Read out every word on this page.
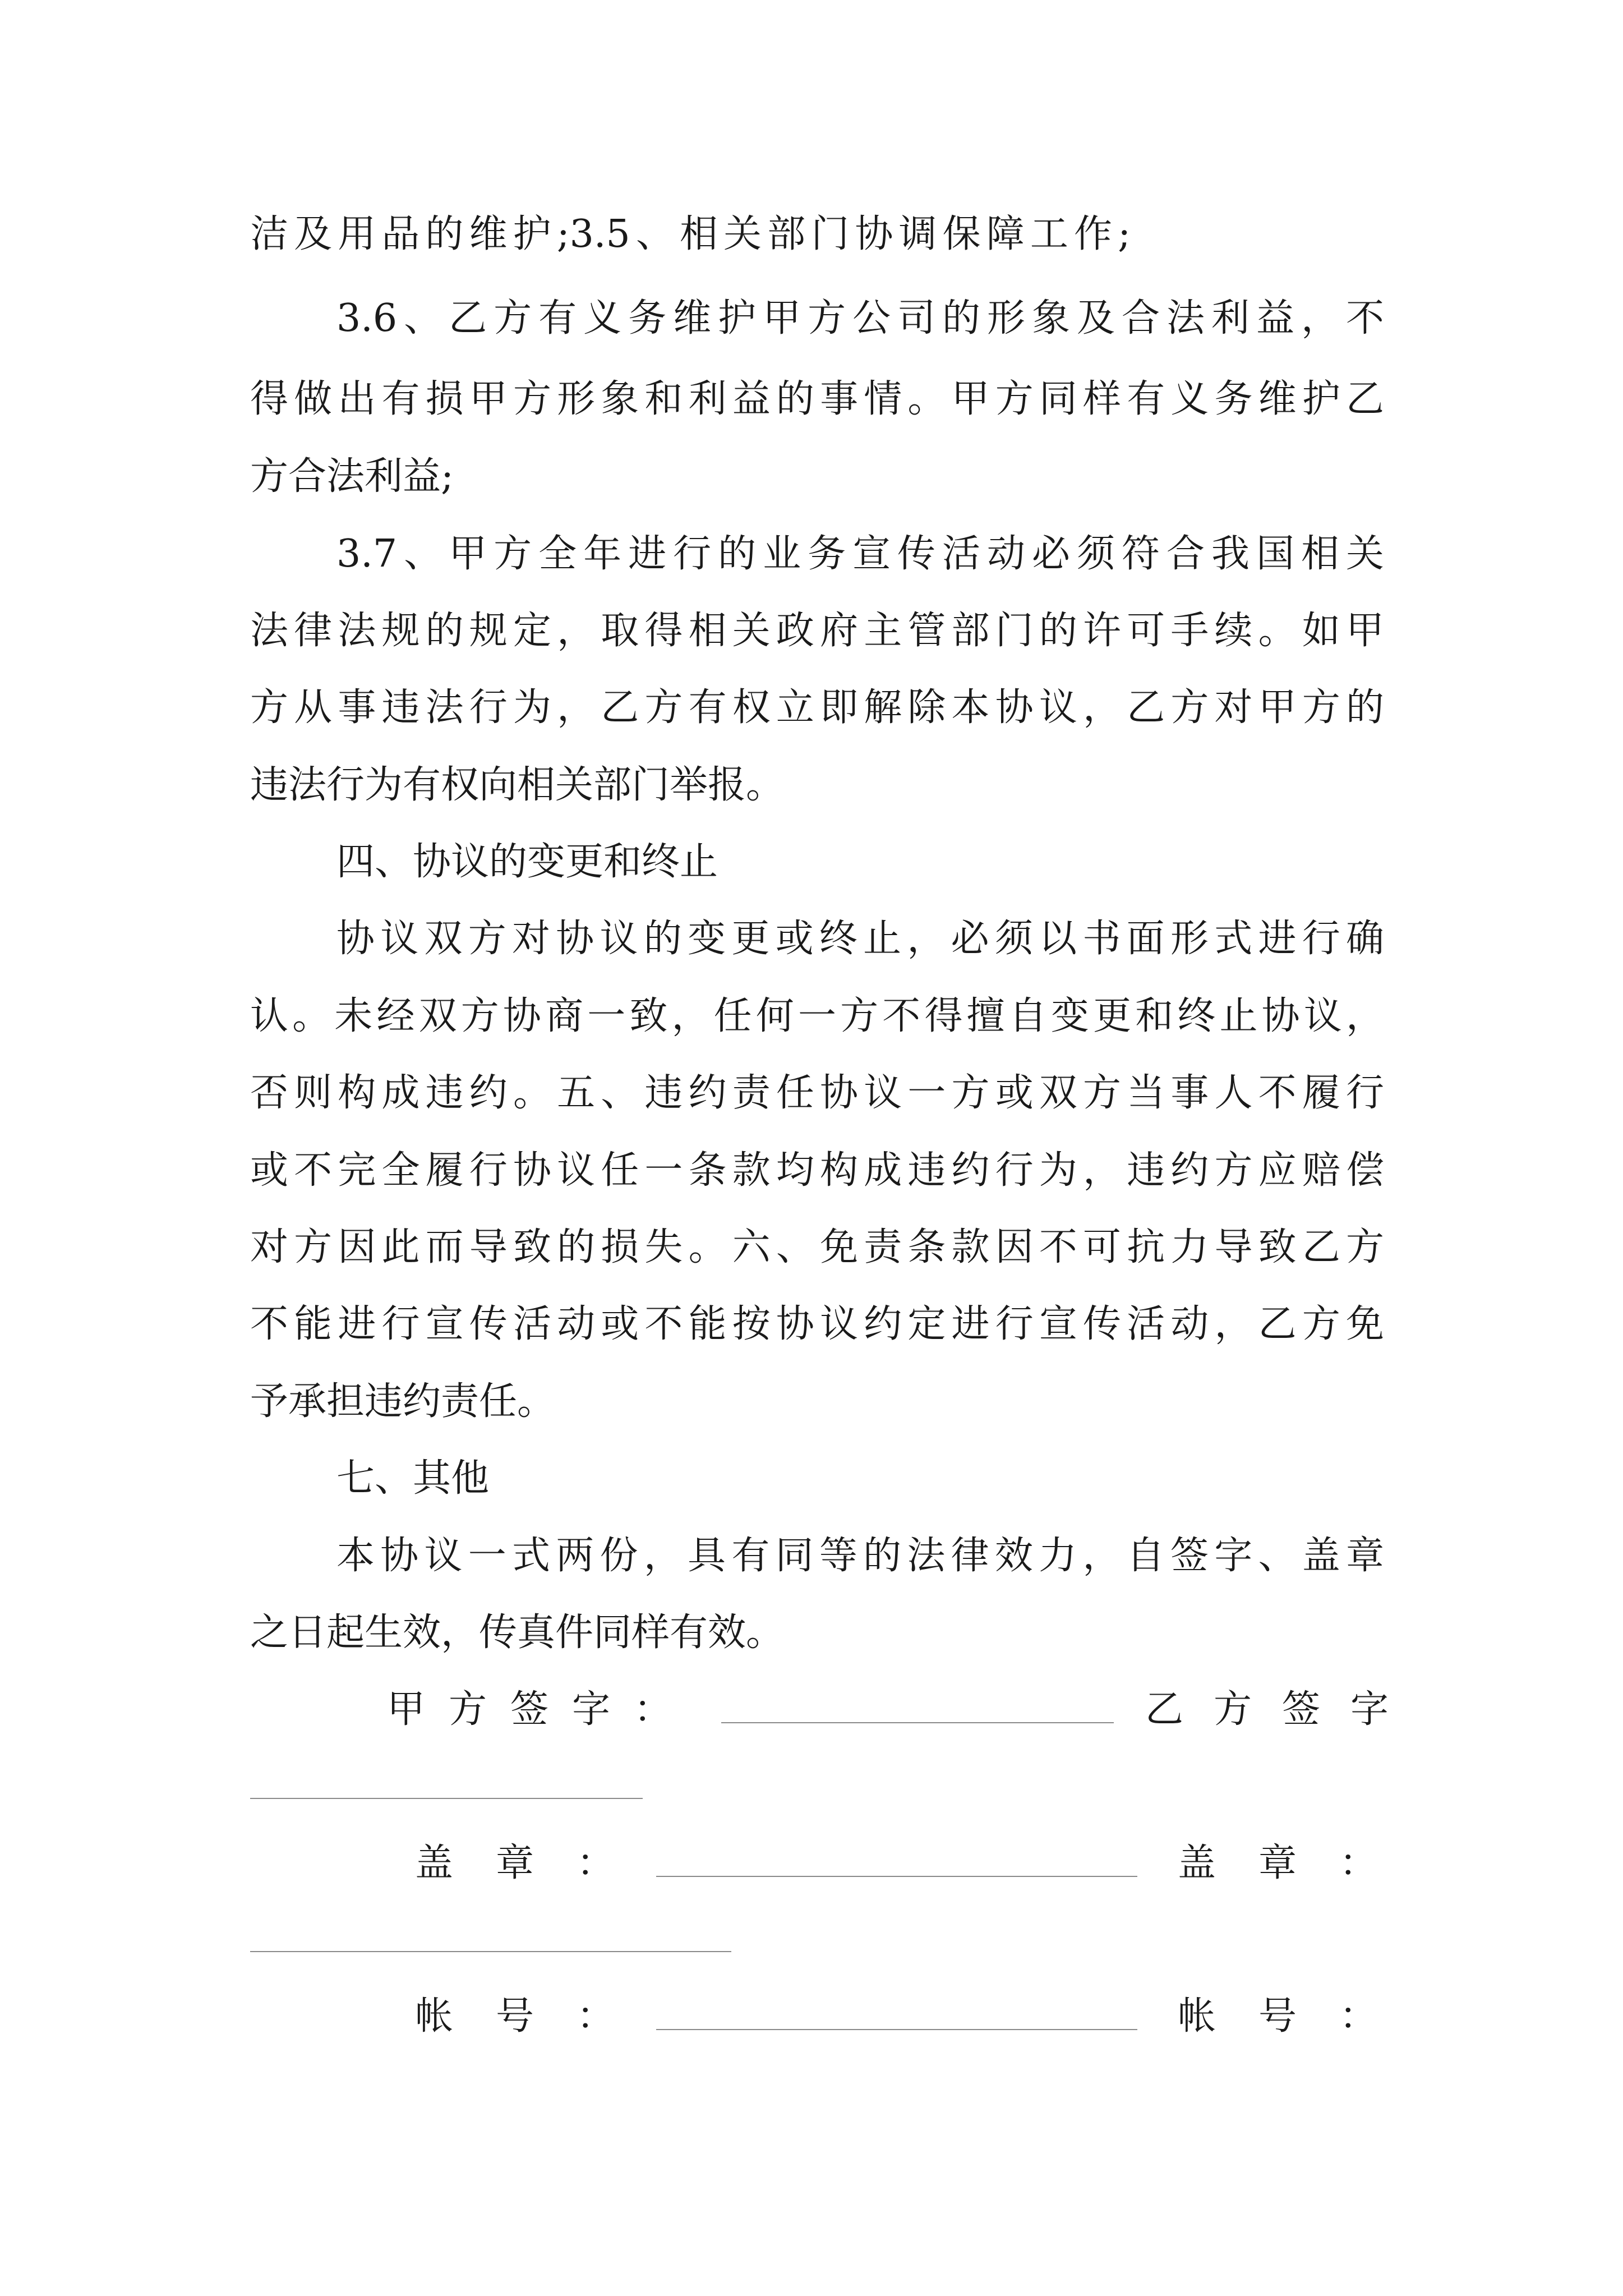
洁及用品的维护;3.5、相关部门协调保障工作;
3.6、乙方有义务维护甲方公司的形象及合法利益，不
得做出有损甲方形象和利益的事情。甲方同样有义务维护乙
方合法利益;
3.7、甲方全年进行的业务宣传活动必须符合我国相关
法律法规的规定，取得相关政府主管部门的许可手续。如甲
方从事违法行为，乙方有权立即解除本协议，乙方对甲方的
违法行为有权向相关部门举报。
四、协议的变更和终止
协议双方对协议的变更或终止，必须以书面形式进行确
认。未经双方协商一致，任何一方不得擅自变更和终止协议，
否则构成违约。五、违约责任协议一方或双方当事人不履行
或不完全履行协议任一条款均构成违约行为，违约方应赔偿
对方因此而导致的损失。六、免责条款因不可抗力导致乙方
不能进行宣传活动或不能按协议约定进行宣传活动，乙方免
予承担违约责任。
七、其他
本协议一式两份，具有同等的法律效力，自签字、盖章
之日起生效，传真件同样有效。
甲方签字：	乙方签字
盖章：	盖章：
帐号：	帐号：
